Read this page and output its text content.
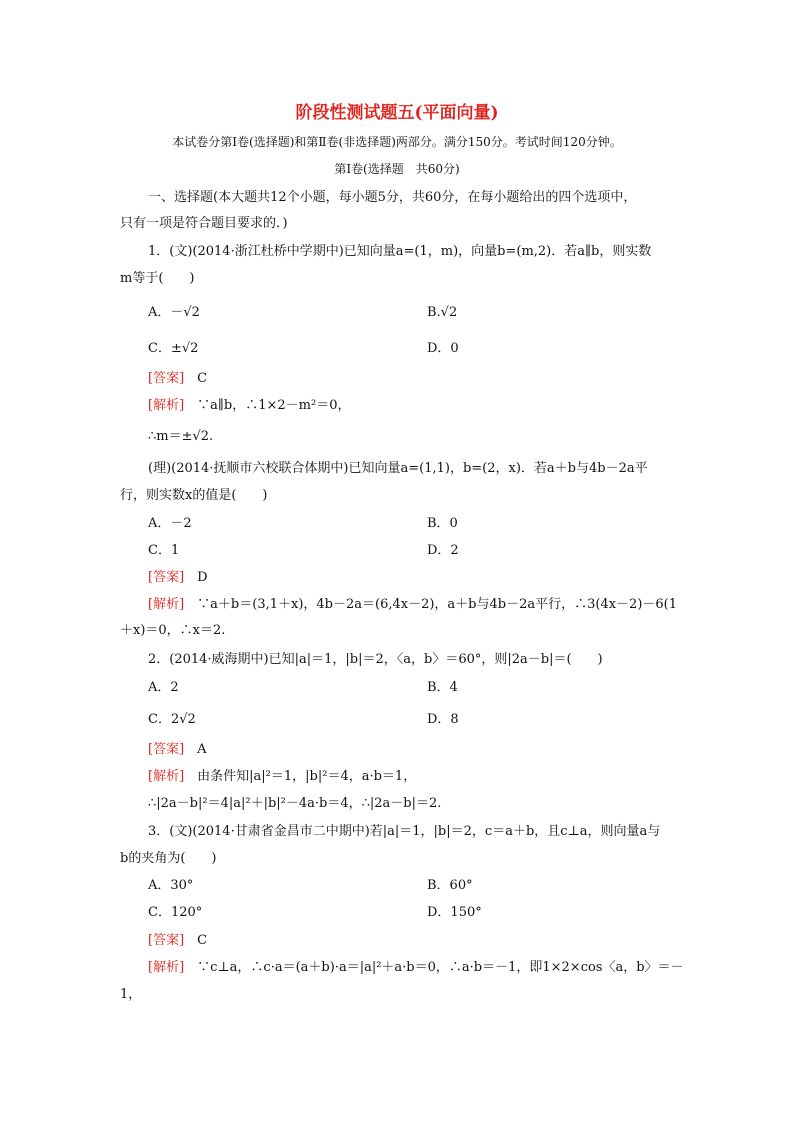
阶段性测试题五(平面向量)
本试卷分第Ⅰ卷(选择题)和第Ⅱ卷(非选择题)两部分。满分150分。考试时间120分钟。
第Ⅰ卷(选择题　共60分)
一、选择题(本大题共12个小题，每小题5分，共60分，在每小题给出的四个选项中，
只有一项是符合题目要求的．)
1．(文)(2014·浙江杜桥中学期中)已知向量a=(1，m)，向量b=(m,2)．若a∥b，则实数
m等于(　　)
A．－√2	B.√2
C．±√2	D．0
[答案]　 C
[解析]　 ∵a∥b，∴1×2－m²＝0，
∴m＝±√2.
(理)(2014·抚顺市六校联合体期中)已知向量a=(1,1)，b=(2，x)．若a＋b与4b－2a平
行，则实数x的值是(　　)
A．－2	B．0
C．1	D．2
[答案]　 D
[解析]　 ∵a＋b＝(3,1＋x)，4b－2a＝(6,4x－2)，a＋b与4b－2a平行，∴3(4x－2)－6(1
＋x)＝0，∴x＝2.
2．(2014·威海期中)已知|a|＝1，|b|＝2，〈a，b〉＝60°，则|2a－b|＝(　　)
A．2	B．4
C．2√2	D．8
[答案]　 A
[解析]　 由条件知|a|²＝1，|b|²＝4，a·b＝1，
∴|2a－b|²＝4|a|²＋|b|²－4a·b＝4，∴|2a－b|＝2.
3．(文)(2014·甘肃省金昌市二中期中)若|a|＝1，|b|＝2，c＝a＋b，且c⊥a，则向量a与
b的夹角为(　　)
A．30°	B．60°
C．120°	D．150°
[答案]　 C
[解析]　 ∵c⊥a，∴c·a＝(a＋b)·a＝|a|²＋a·b＝0，∴a·b＝－1，即1×2×cos〈a，b〉＝－
1，
